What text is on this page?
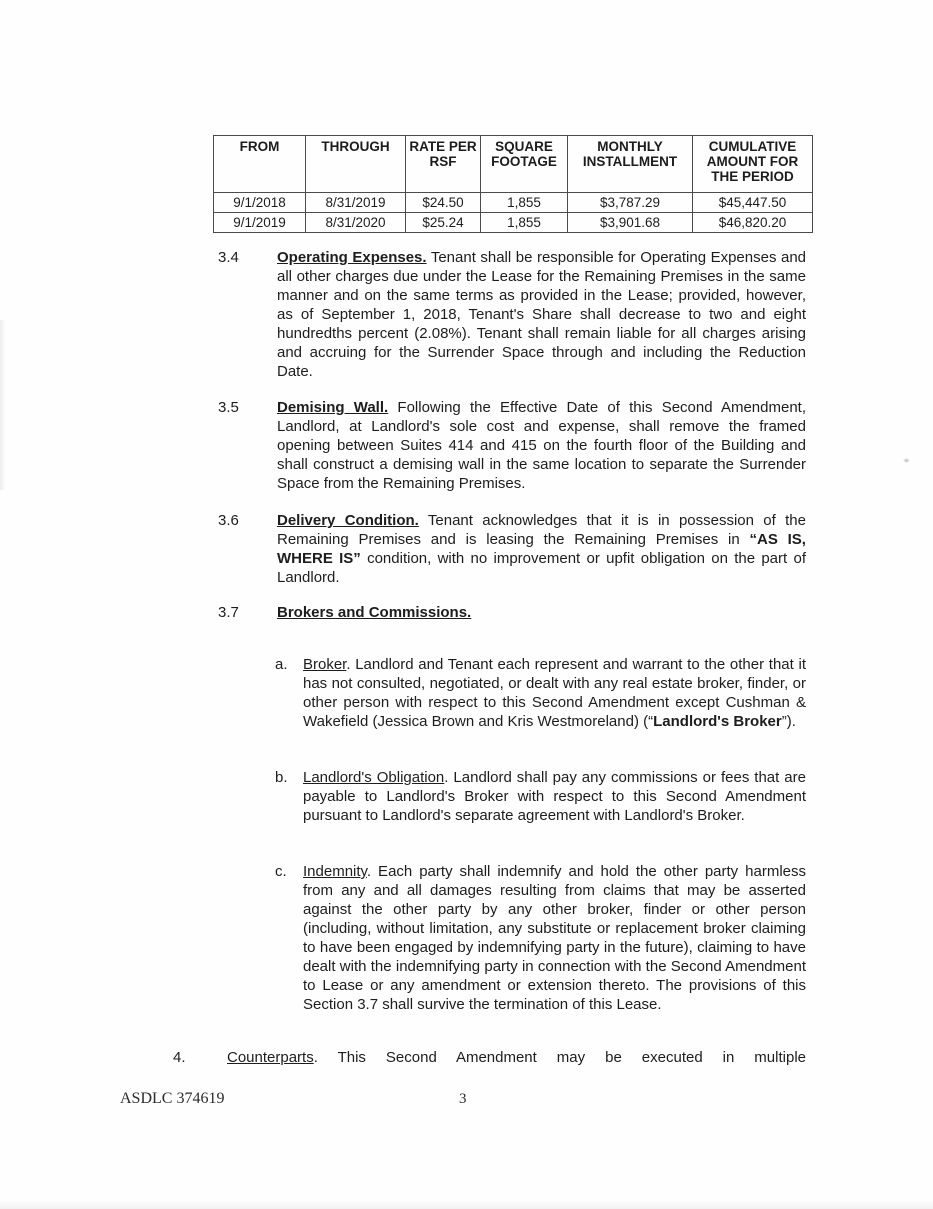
FROM	THROUGH	RATE PER RSF	SQUARE FOOTAGE	MONTHLY INSTALLMENT	CUMULATIVE AMOUNT FOR THE PERIOD
9/1/2018	8/31/2019	$24.50	1,855	$3,787.29	$45,447.50
9/1/2019	8/31/2020	$25.24	1,855	$3,901.68	$46,820.20
3.4	Operating Expenses. Tenant shall be responsible for Operating Expenses and all other charges due under the Lease for the Remaining Premises in the same manner and on the same terms as provided in the Lease; provided, however, as of September 1, 2018, Tenant's Share shall decrease to two and eight hundredths percent (2.08%). Tenant shall remain liable for all charges arising and accruing for the Surrender Space through and including the Reduction Date.
3.5	Demising Wall. Following the Effective Date of this Second Amendment, Landlord, at Landlord's sole cost and expense, shall remove the framed opening between Suites 414 and 415 on the fourth floor of the Building and shall construct a demising wall in the same location to separate the Surrender Space from the Remaining Premises.
3.6	Delivery Condition. Tenant acknowledges that it is in possession of the Remaining Premises and is leasing the Remaining Premises in “AS IS, WHERE IS” condition, with no improvement or upfit obligation on the part of Landlord.
3.7	Brokers and Commissions.
a. Broker. Landlord and Tenant each represent and warrant to the other that it has not consulted, negotiated, or dealt with any real estate broker, finder, or other person with respect to this Second Amendment except Cushman & Wakefield (Jessica Brown and Kris Westmoreland) (“Landlord's Broker”).
b. Landlord's Obligation. Landlord shall pay any commissions or fees that are payable to Landlord's Broker with respect to this Second Amendment pursuant to Landlord's separate agreement with Landlord's Broker.
c. Indemnity. Each party shall indemnify and hold the other party harmless from any and all damages resulting from claims that may be asserted against the other party by any other broker, finder or other person (including, without limitation, any substitute or replacement broker claiming to have been engaged by indemnifying party in the future), claiming to have dealt with the indemnifying party in connection with the Second Amendment to Lease or any amendment or extension thereto. The provisions of this Section 3.7 shall survive the termination of this Lease.
4.	Counterparts. This Second Amendment may be executed in multiple
ASDLC 374619	3
